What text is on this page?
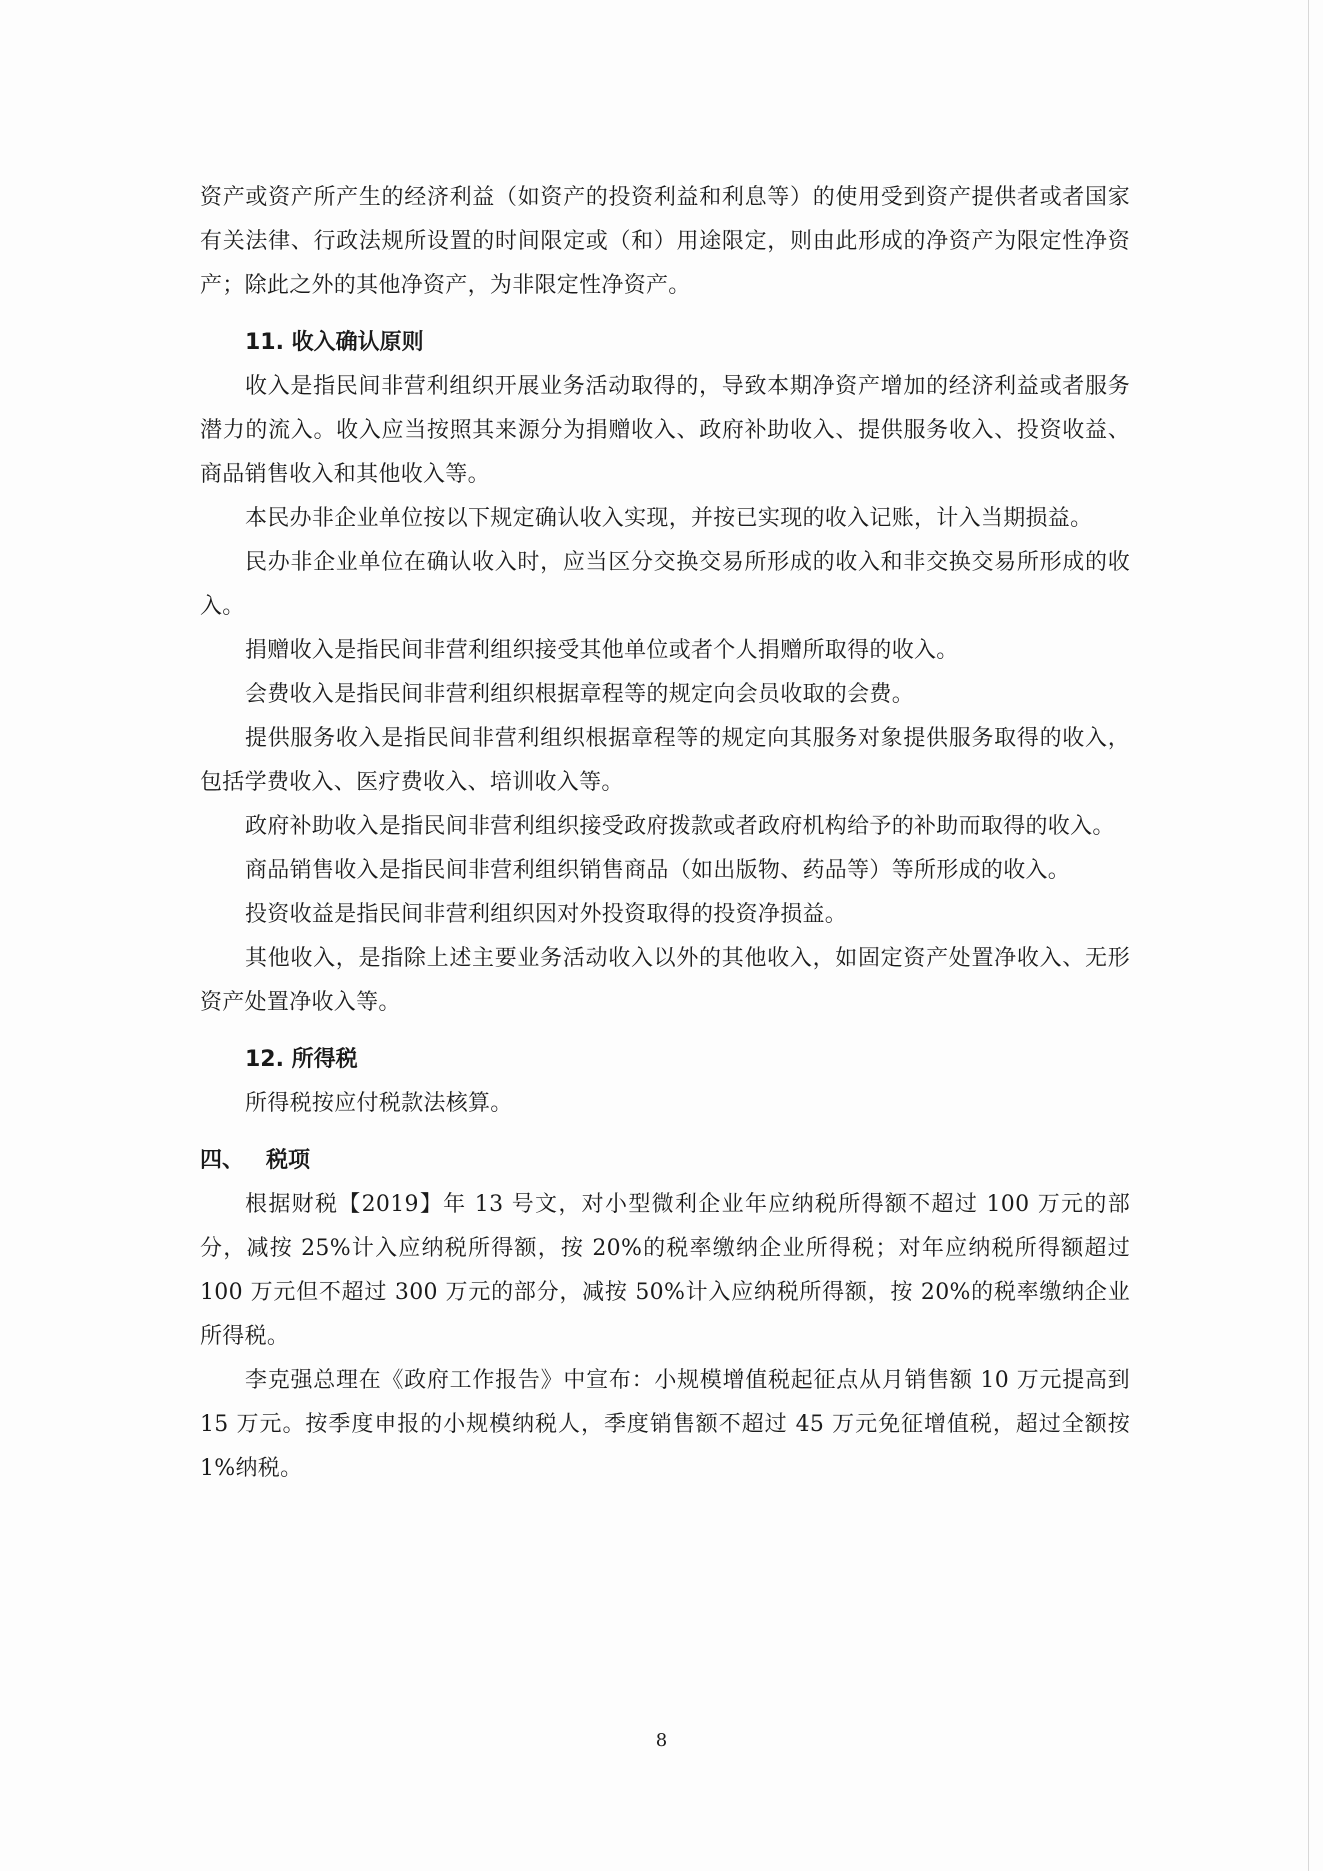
资产或资产所产生的经济利益（如资产的投资利益和利息等）的使用受到资产提供者或者国家有关法律、行政法规所设置的时间限定或（和）用途限定，则由此形成的净资产为限定性净资产；除此之外的其他净资产，为非限定性净资产。

11. 收入确认原则

收入是指民间非营利组织开展业务活动取得的，导致本期净资产增加的经济利益或者服务潜力的流入。收入应当按照其来源分为捐赠收入、政府补助收入、提供服务收入、投资收益、商品销售收入和其他收入等。

本民办非企业单位按以下规定确认收入实现，并按已实现的收入记账，计入当期损益。

民办非企业单位在确认收入时，应当区分交换交易所形成的收入和非交换交易所形成的收入。

捐赠收入是指民间非营利组织接受其他单位或者个人捐赠所取得的收入。

会费收入是指民间非营利组织根据章程等的规定向会员收取的会费。

提供服务收入是指民间非营利组织根据章程等的规定向其服务对象提供服务取得的收入，包括学费收入、医疗费收入、培训收入等。

政府补助收入是指民间非营利组织接受政府拨款或者政府机构给予的补助而取得的收入。

商品销售收入是指民间非营利组织销售商品（如出版物、药品等）等所形成的收入。

投资收益是指民间非营利组织因对外投资取得的投资净损益。

其他收入，是指除上述主要业务活动收入以外的其他收入，如固定资产处置净收入、无形资产处置净收入等。

12. 所得税

所得税按应付税款法核算。

四、 税项

根据财税【2019】年 13 号文，对小型微利企业年应纳税所得额不超过 100 万元的部分，减按 25%计入应纳税所得额，按 20%的税率缴纳企业所得税；对年应纳税所得额超过 100 万元但不超过 300 万元的部分，减按 50%计入应纳税所得额，按 20%的税率缴纳企业所得税。

李克强总理在《政府工作报告》中宣布：小规模增值税起征点从月销售额 10 万元提高到 15 万元。按季度申报的小规模纳税人，季度销售额不超过 45 万元免征增值税，超过全额按 1%纳税。

8
